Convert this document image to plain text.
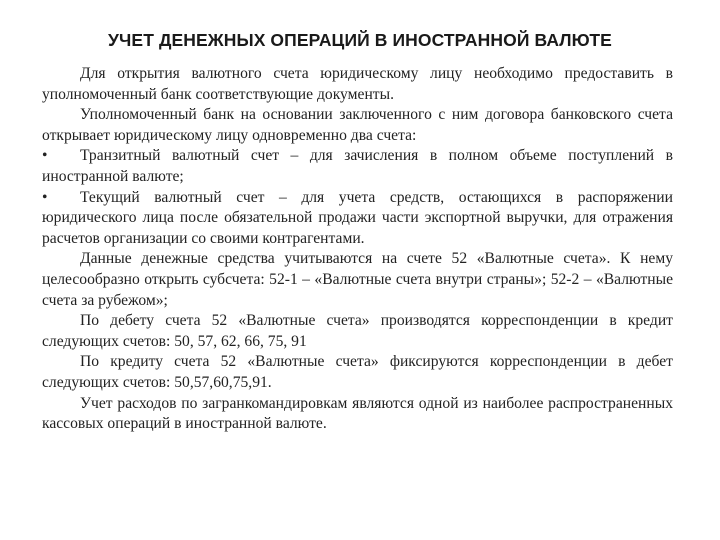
УЧЕТ ДЕНЕЖНЫХ ОПЕРАЦИЙ В ИНОСТРАННОЙ ВАЛЮТЕ

Для открытия валютного счета юридическому лицу необходимо предоставить в уполномоченный банк соответствующие документы.

Уполномоченный банк на основании заключенного с ним договора банковского счета открывает юридическому лицу одновременно два счета:

• Транзитный валютный счет – для зачисления в полном объеме поступлений в иностранной валюте;

• Текущий валютный счет – для учета средств, остающихся в распоряжении юридического лица после обязательной продажи части экспортной выручки, для отражения расчетов организации со своими контрагентами.

Данные денежные средства учитываются на счете 52 «Валютные счета». К нему целесообразно открыть субсчета: 52-1 – «Валютные счета внутри страны»; 52-2 – «Валютные счета за рубежом»;

По дебету счета 52 «Валютные счета» производятся корреспонденции в кредит следующих счетов: 50, 57, 62, 66, 75, 91

По кредиту счета 52 «Валютные счета» фиксируются корреспонденции в дебет следующих счетов: 50,57,60,75,91.

Учет расходов по загранкомандировкам являются одной из наиболее распространенных кассовых операций в иностранной валюте.
